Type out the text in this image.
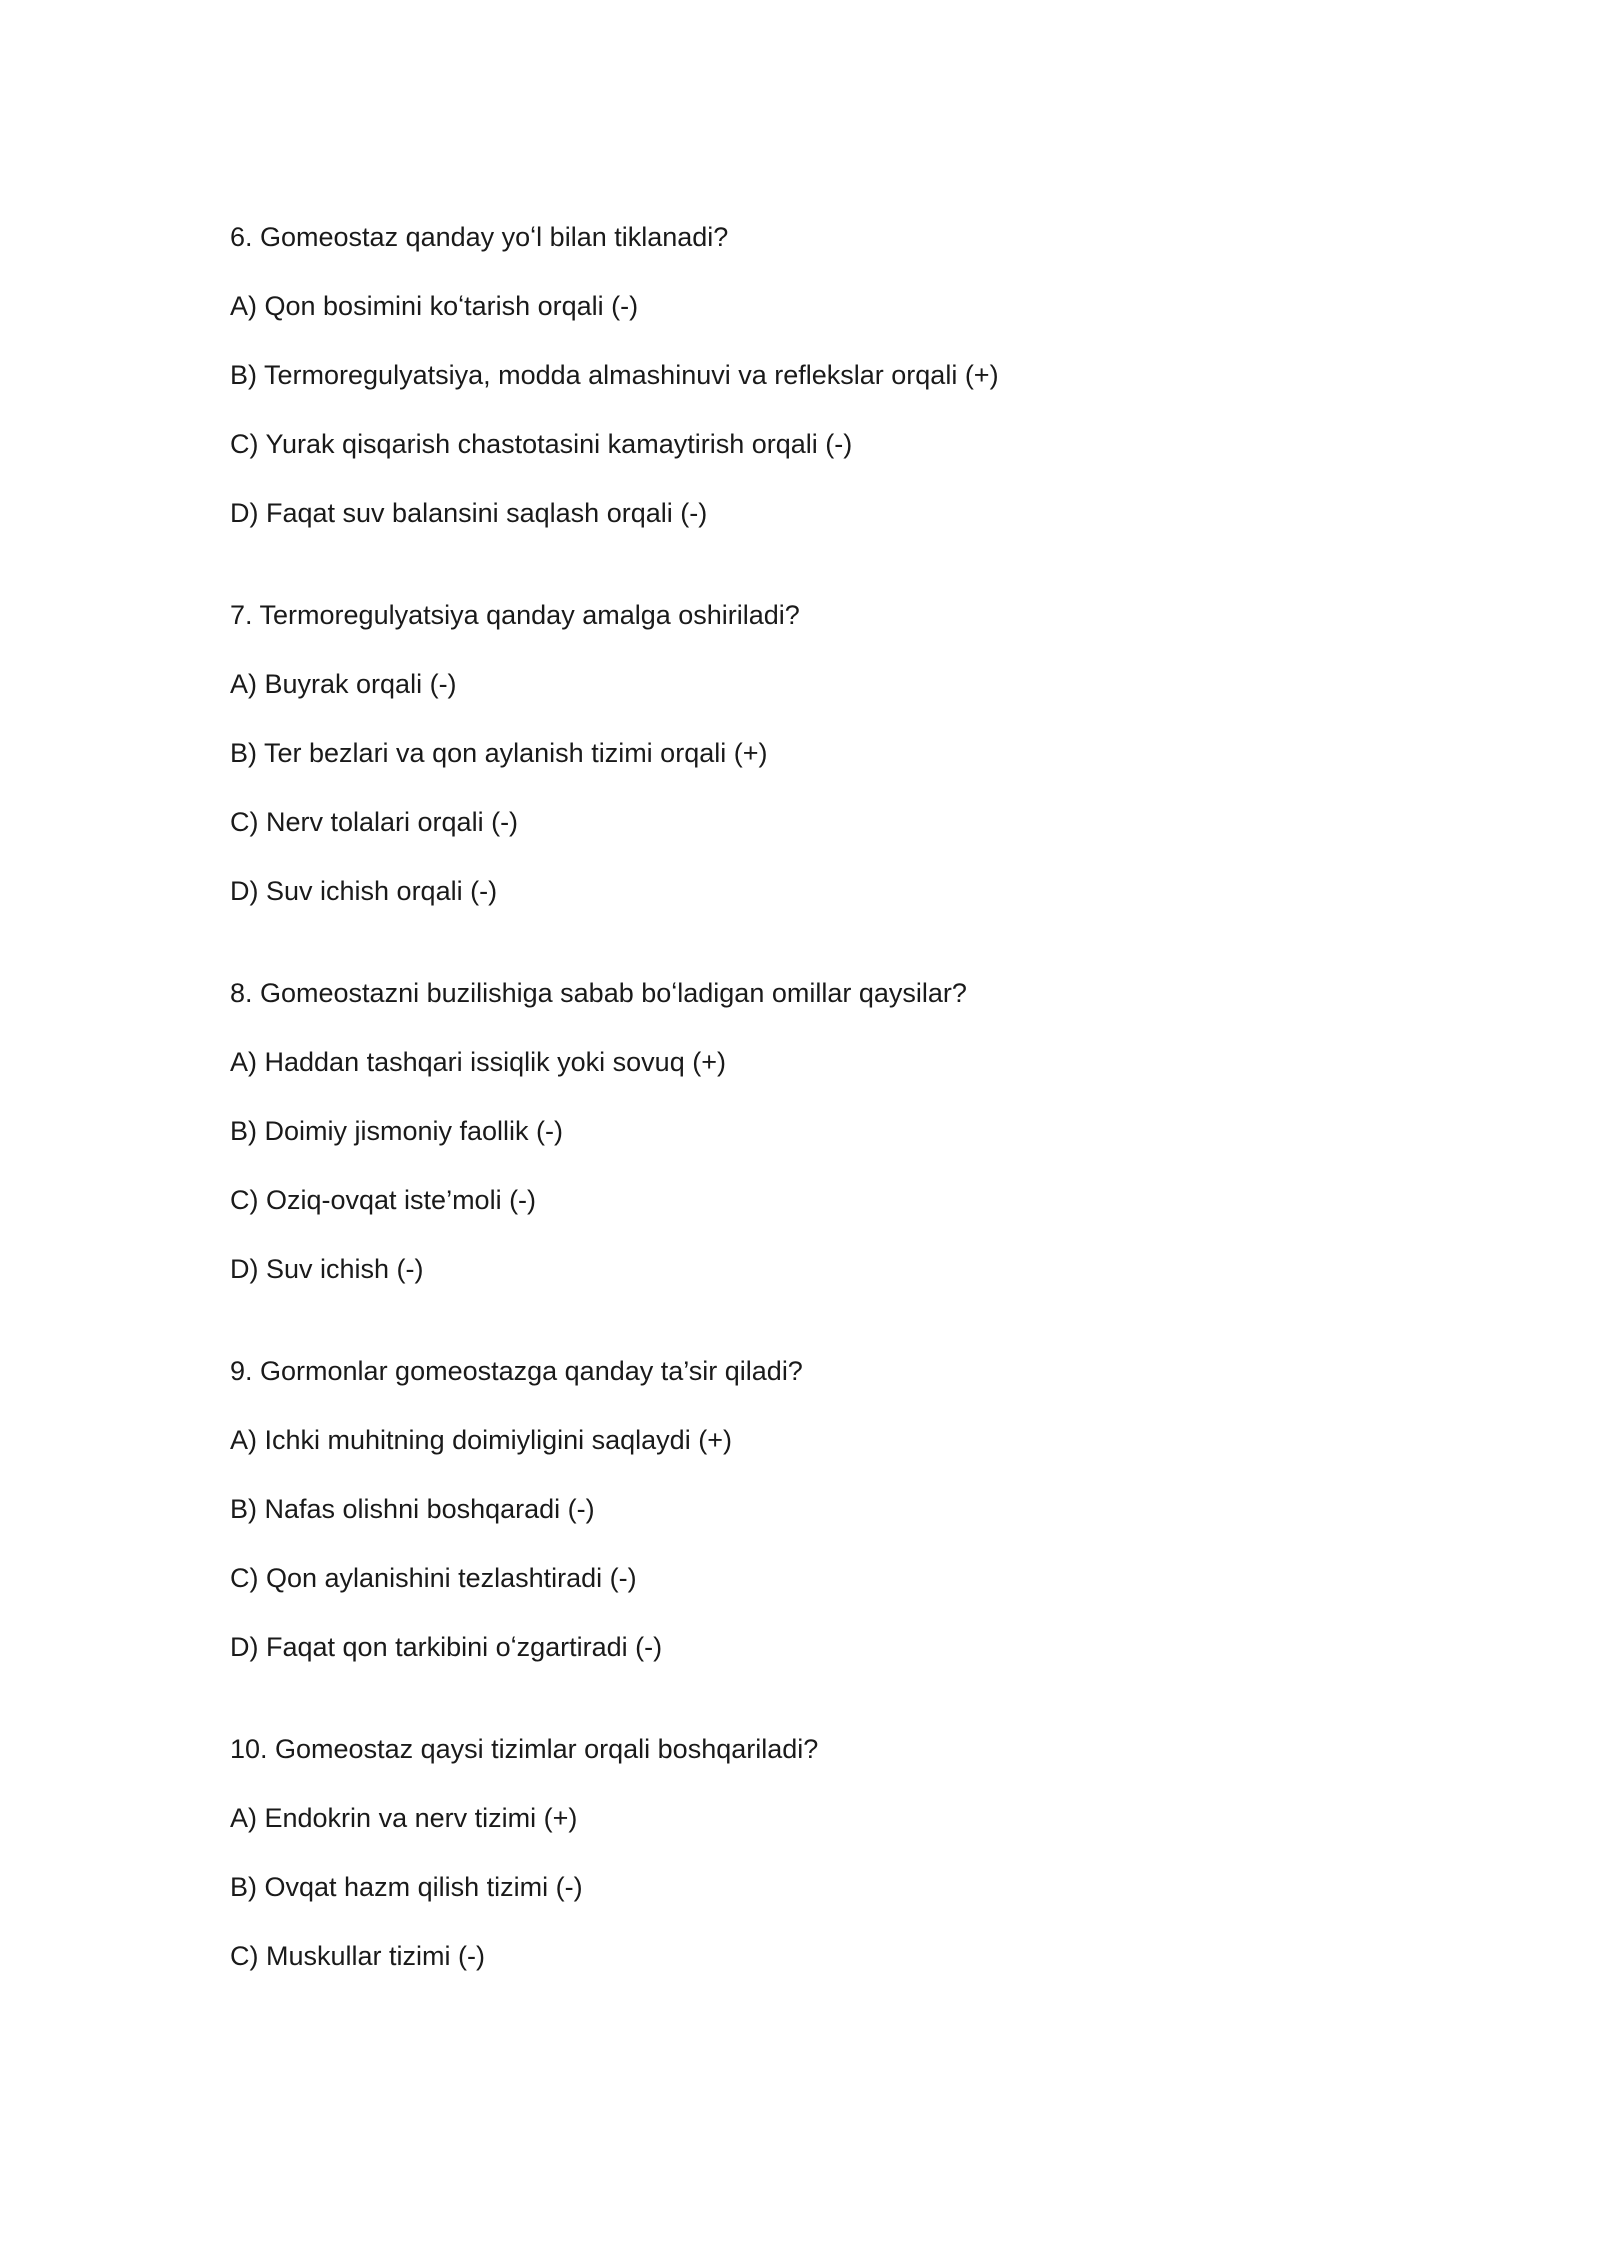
6. Gomeostaz qanday yoʻl bilan tiklanadi?
A) Qon bosimini koʻtarish orqali (-)
B) Termoregulyatsiya, modda almashinuvi va reflekslar orqali (+)
C) Yurak qisqarish chastotasini kamaytirish orqali (-)
D) Faqat suv balansini saqlash orqali (-)
7. Termoregulyatsiya qanday amalga oshiriladi?
A) Buyrak orqali (-)
B) Ter bezlari va qon aylanish tizimi orqali (+)
C) Nerv tolalari orqali (-)
D) Suv ichish orqali (-)
8. Gomeostazni buzilishiga sabab boʻladigan omillar qaysilar?
A) Haddan tashqari issiqlik yoki sovuq (+)
B) Doimiy jismoniy faollik (-)
C) Oziq-ovqat iste’moli (-)
D) Suv ichish (-)
9. Gormonlar gomeostazga qanday ta’sir qiladi?
A) Ichki muhitning doimiyligini saqlaydi (+)
B) Nafas olishni boshqaradi (-)
C) Qon aylanishini tezlashtiradi (-)
D) Faqat qon tarkibini oʻzgartiradi (-)
10. Gomeostaz qaysi tizimlar orqali boshqariladi?
A) Endokrin va nerv tizimi (+)
B) Ovqat hazm qilish tizimi (-)
C) Muskullar tizimi (-)
